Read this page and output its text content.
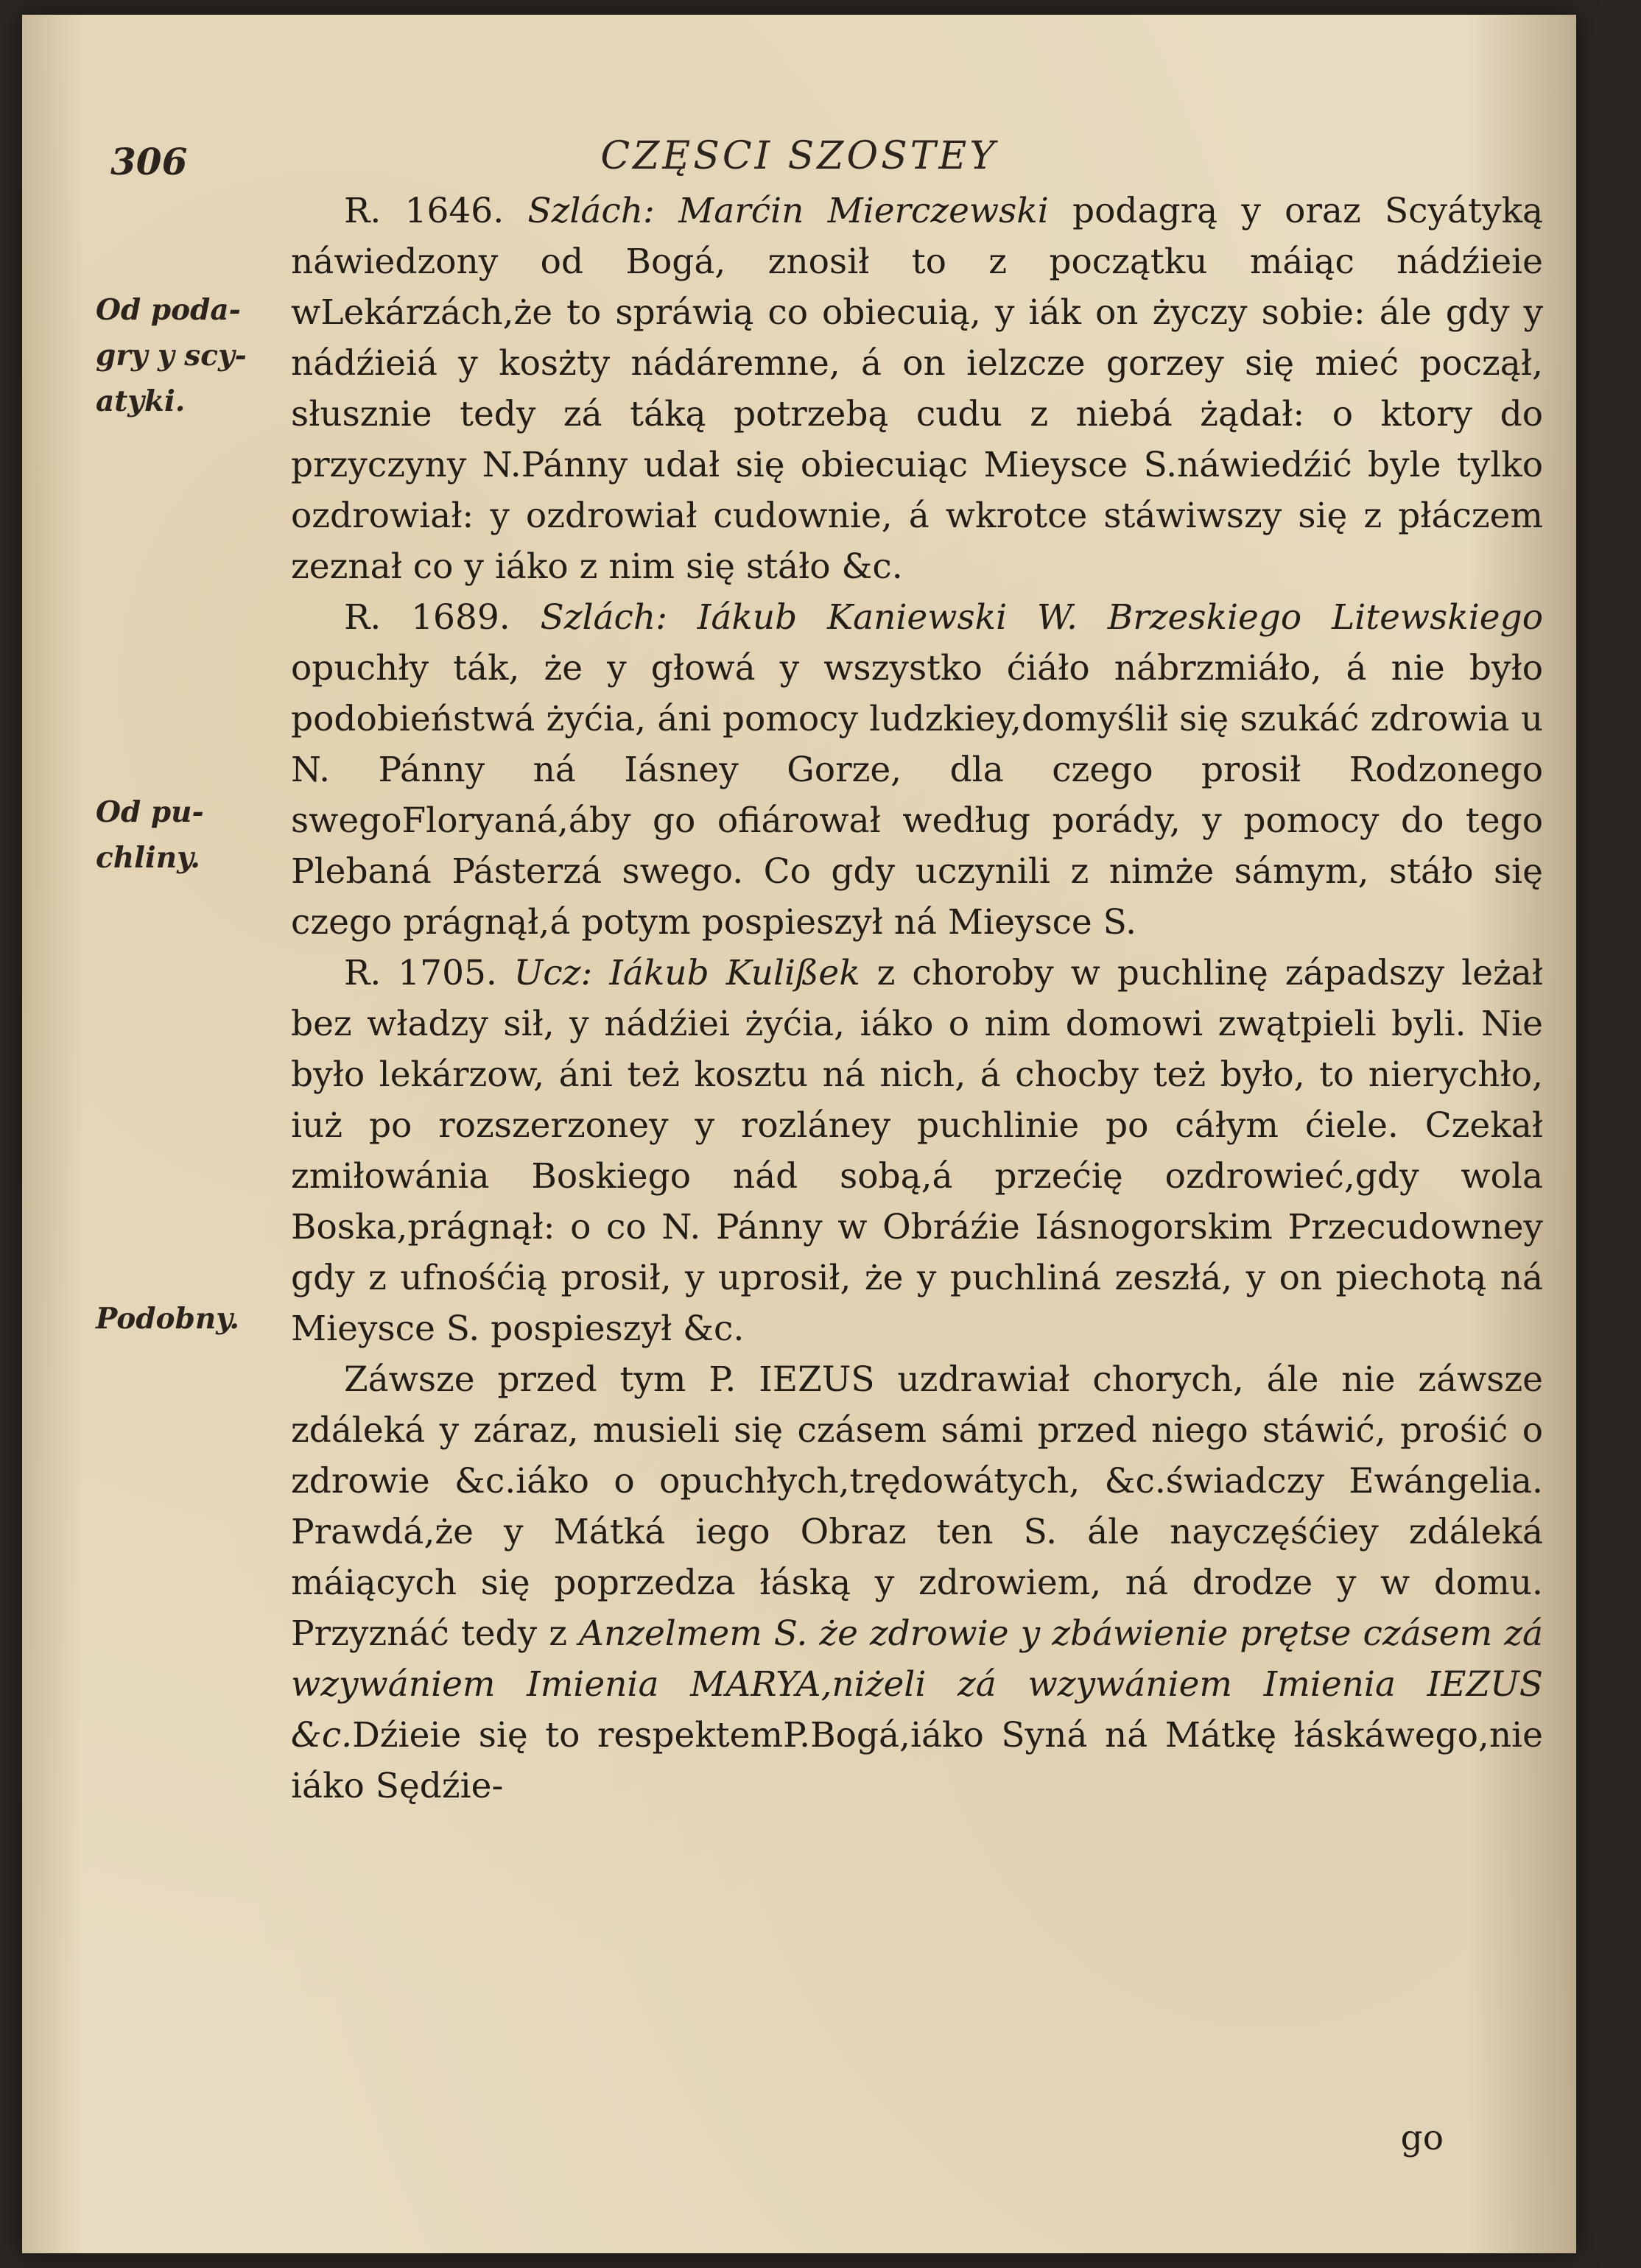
306	CZĘSCI SZOSTEY
Od poda-gry y scy-atyki.
Od pu-chliny.
Podobny.

R. 1646. Szlách: Marćin Mierczewski podagrą y oraz Scyátyką náwiedzony od Bogá, znosił to z początku máiąc nádźieie wLekárzách,że to spráwią co obiecuią, y iák on życzy sobie: ále gdy y nádźieiá y kosżty nádáremne, á on ielzcze gorzey się mieć począł, słusznie tedy zá táką potrzebą cudu z niebá żądał: o ktory do przyczyny N.Pánny udał się obiecuiąc Mieysce S.náwiedźić byle tylko ozdrowiał: y ozdrowiał cudownie, á wkrotce stáwiwszy się z płáczem zeznał co y iáko z nim się stáło &c.

R. 1689. Szlách: Iákub Kaniewski W. Brzeskiego Litewskiego opuchły ták, że y głowá y wszystko ćiáło nábrzmiáło, á nie było podobieństwá żyćia, áni pomocy ludzkiey,domyślił się szukáć zdrowia u N. Pánny ná Iásney Gorze, dla czego prosił Rodzonego swegoFloryaná,áby go ofiárował według porády, y pomocy do tego Plebaná Pásterzá swego. Co gdy uczynili z nimże sámym, stáło się czego prágnął,á potym pospieszył ná Mieysce S.

R. 1705. Ucz: Iákub Kulißek z choroby w puchlinę západszy leżał bez władzy sił, y nádźiei żyćia, iáko o nim domowi zwątpieli byli. Nie było lekárzow, áni też kosztu ná nich, á chocby też było, to nierychło, iuż po rozszerzoney y rozláney puchlinie po cáłym ćiele. Czekał zmiłowánia Boskiego nád sobą,á przećię ozdrowieć,gdy wola Boska,prágnął: o co N. Pánny w Obráźie Iásnogorskim Przecudowney gdy z ufnośćią prosił, y uprosił, że y puchliná zeszłá, y on piechotą ná Mieysce S. pospieszył &c.

Záwsze przed tym P. IEZUS uzdrawiał chorych, ále nie záwsze zdáleká y záraz, musieli się czásem sámi przed niego stáwić, prośić o zdrowie &c.iáko o opuchłych,trędowátych, &c.świadczy Ewángelia. Prawdá,że y Mátká iego Obraz ten S. ále nayczęśćiey zdáleká máiących się poprzedza łáską y zdrowiem, ná drodze y w domu. Przyznáć tedy z Anzelmem S. że zdrowie y zbáwienie prętse czásem zá wzywániem Imienia MARYA,niżeli zá wzywániem Imienia IEZUS &c.Dźieie się to respektemP.Bogá,iáko Syná ná Mátkę łáskáwego,nie iáko Sędźie-

go
